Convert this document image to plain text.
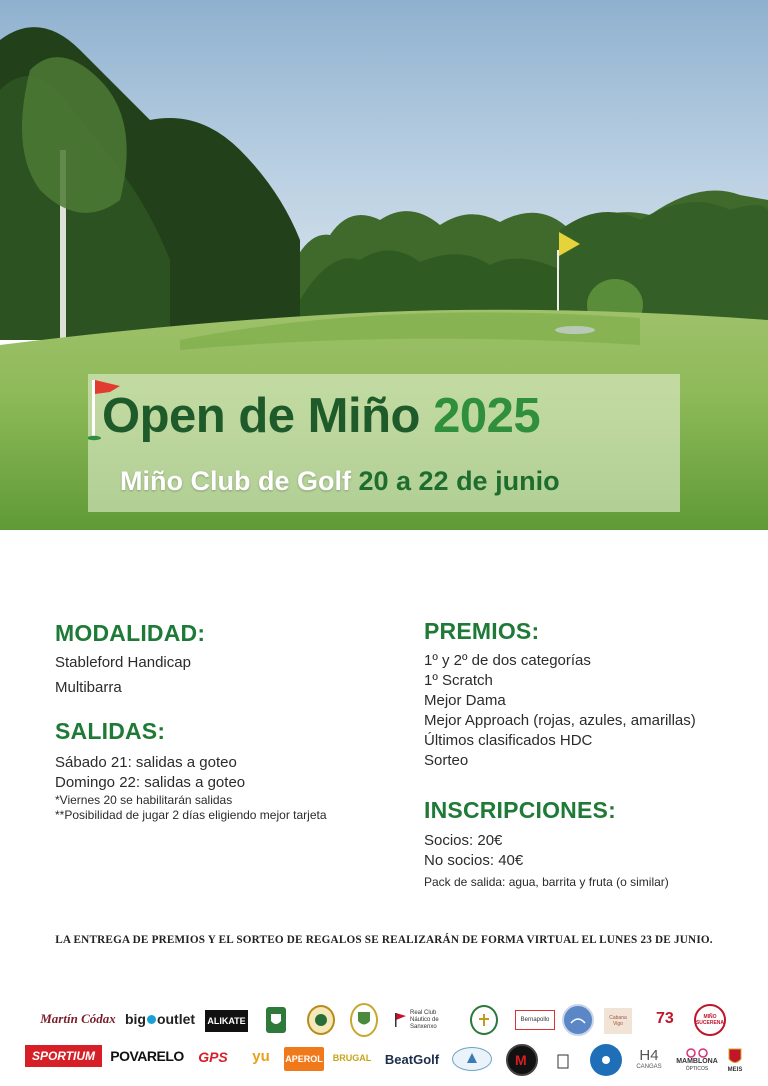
Open de Miño 2025
Miño Club de Golf 20 a 22 de junio
MODALIDAD:
Stableford Handicap
Multibarra
SALIDAS:
Sábado 21: salidas a goteo
Domingo 22: salidas a goteo
*Viernes 20 se habilitarán salidas
**Posibilidad de jugar 2 días eligiendo mejor tarjeta
PREMIOS:
1º y 2º de dos categorías
1º Scratch
Mejor Dama
Mejor Approach (rojas, azules, amarillas)
Últimos clasificados HDC
Sorteo
INSCRIPCIONES:
Socios: 20€
No socios: 40€
Pack de salida: agua, barrita y fruta (o similar)
LA ENTREGA DE PREMIOS Y EL SORTEO DE REGALOS SE REALIZARÁN DE FORMA VIRTUAL EL LUNES 23 DE JUNIO.
Martín Códax big outlet ALIKATE
Real Club Náutico de Sanxenxo
Bernapollo	Cabana Vigo	73	MIÑO SUCERENA
SPORTIUM	POVARELO	GPS	yu	APEROL BRUGAL	BeatGolf	M	H4
CANGAS
MAMBLONA
ÓPTICOS	MEIS
